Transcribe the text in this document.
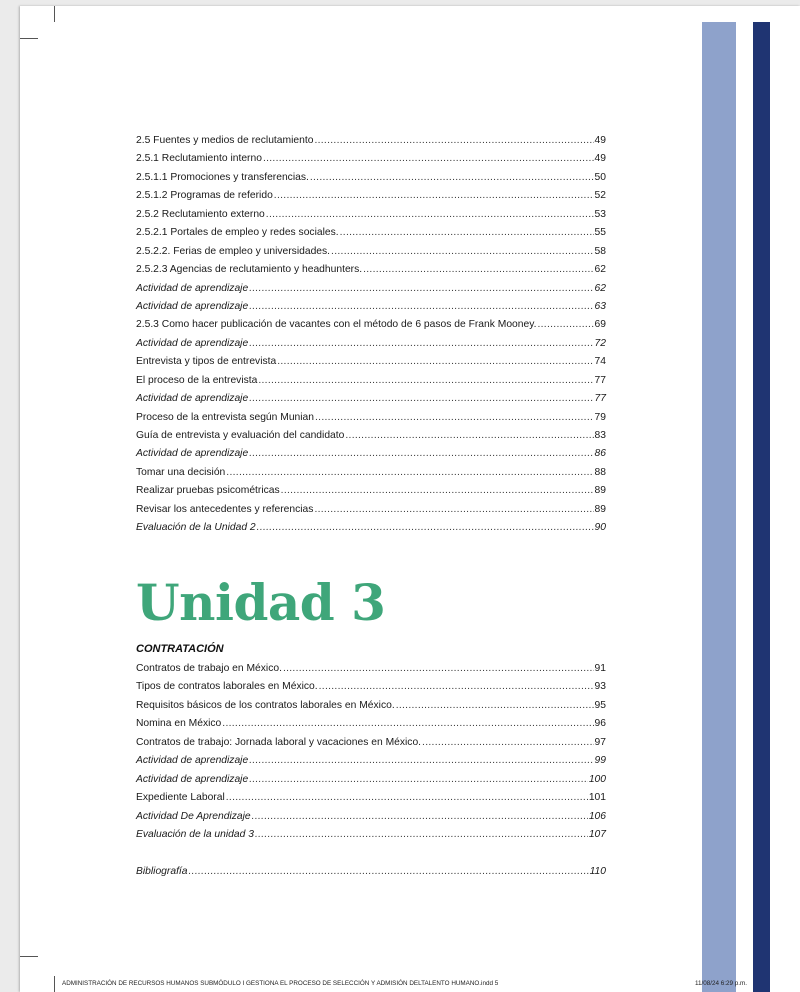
2.5 Fuentes y medios de reclutamiento .....	49
2.5.1 Reclutamiento interno .....	49
2.5.1.1 Promociones y transferencias. .....	50
2.5.1.2 Programas de referido .....	52
2.5.2 Reclutamiento externo .....	53
2.5.2.1 Portales de empleo y redes sociales. .....	55
2.5.2.2. Ferias de empleo y universidades. .....	58
2.5.2.3 Agencias de reclutamiento y headhunters. .....	62
Actividad de aprendizaje .....	62
Actividad de aprendizaje .....	63
2.5.3 Como hacer publicación de vacantes con el método de 6 pasos de Frank Mooney. .....	69
Actividad de aprendizaje .....	72
Entrevista y tipos de entrevista .....	74
El proceso de la entrevista .....	77
Actividad de aprendizaje .....	77
Proceso de la entrevista según Munian .....	79
Guía de entrevista y evaluación del candidato .....	83
Actividad de aprendizaje .....	86
Tomar una decisión .....	88
Realizar pruebas psicométricas .....	89
Revisar los antecedentes y referencias .....	89
Evaluación de la Unidad 2 .....	90
Unidad 3
CONTRATACIÓN
Contratos de trabajo en México. .....	91
Tipos de contratos laborales en México. .....	93
Requisitos básicos de los contratos laborales en México. .....	95
Nomina en México .....	96
Contratos de trabajo: Jornada laboral y vacaciones en México. .....	97
Actividad de aprendizaje .....	99
Actividad de aprendizaje .....	100
Expediente Laboral .....	101
Actividad De Aprendizaje .....	106
Evaluación de la unidad 3 .....	107
Bibliografía .....	110
ADMINISTRACIÓN DE RECURSOS HUMANOS SUBMÓDULO I GESTIONA EL PROCESO DE SELECCIÓN Y ADMISIÓN DELTALENTO HUMANO.indd 5	11/08/24 6:29 p.m.
